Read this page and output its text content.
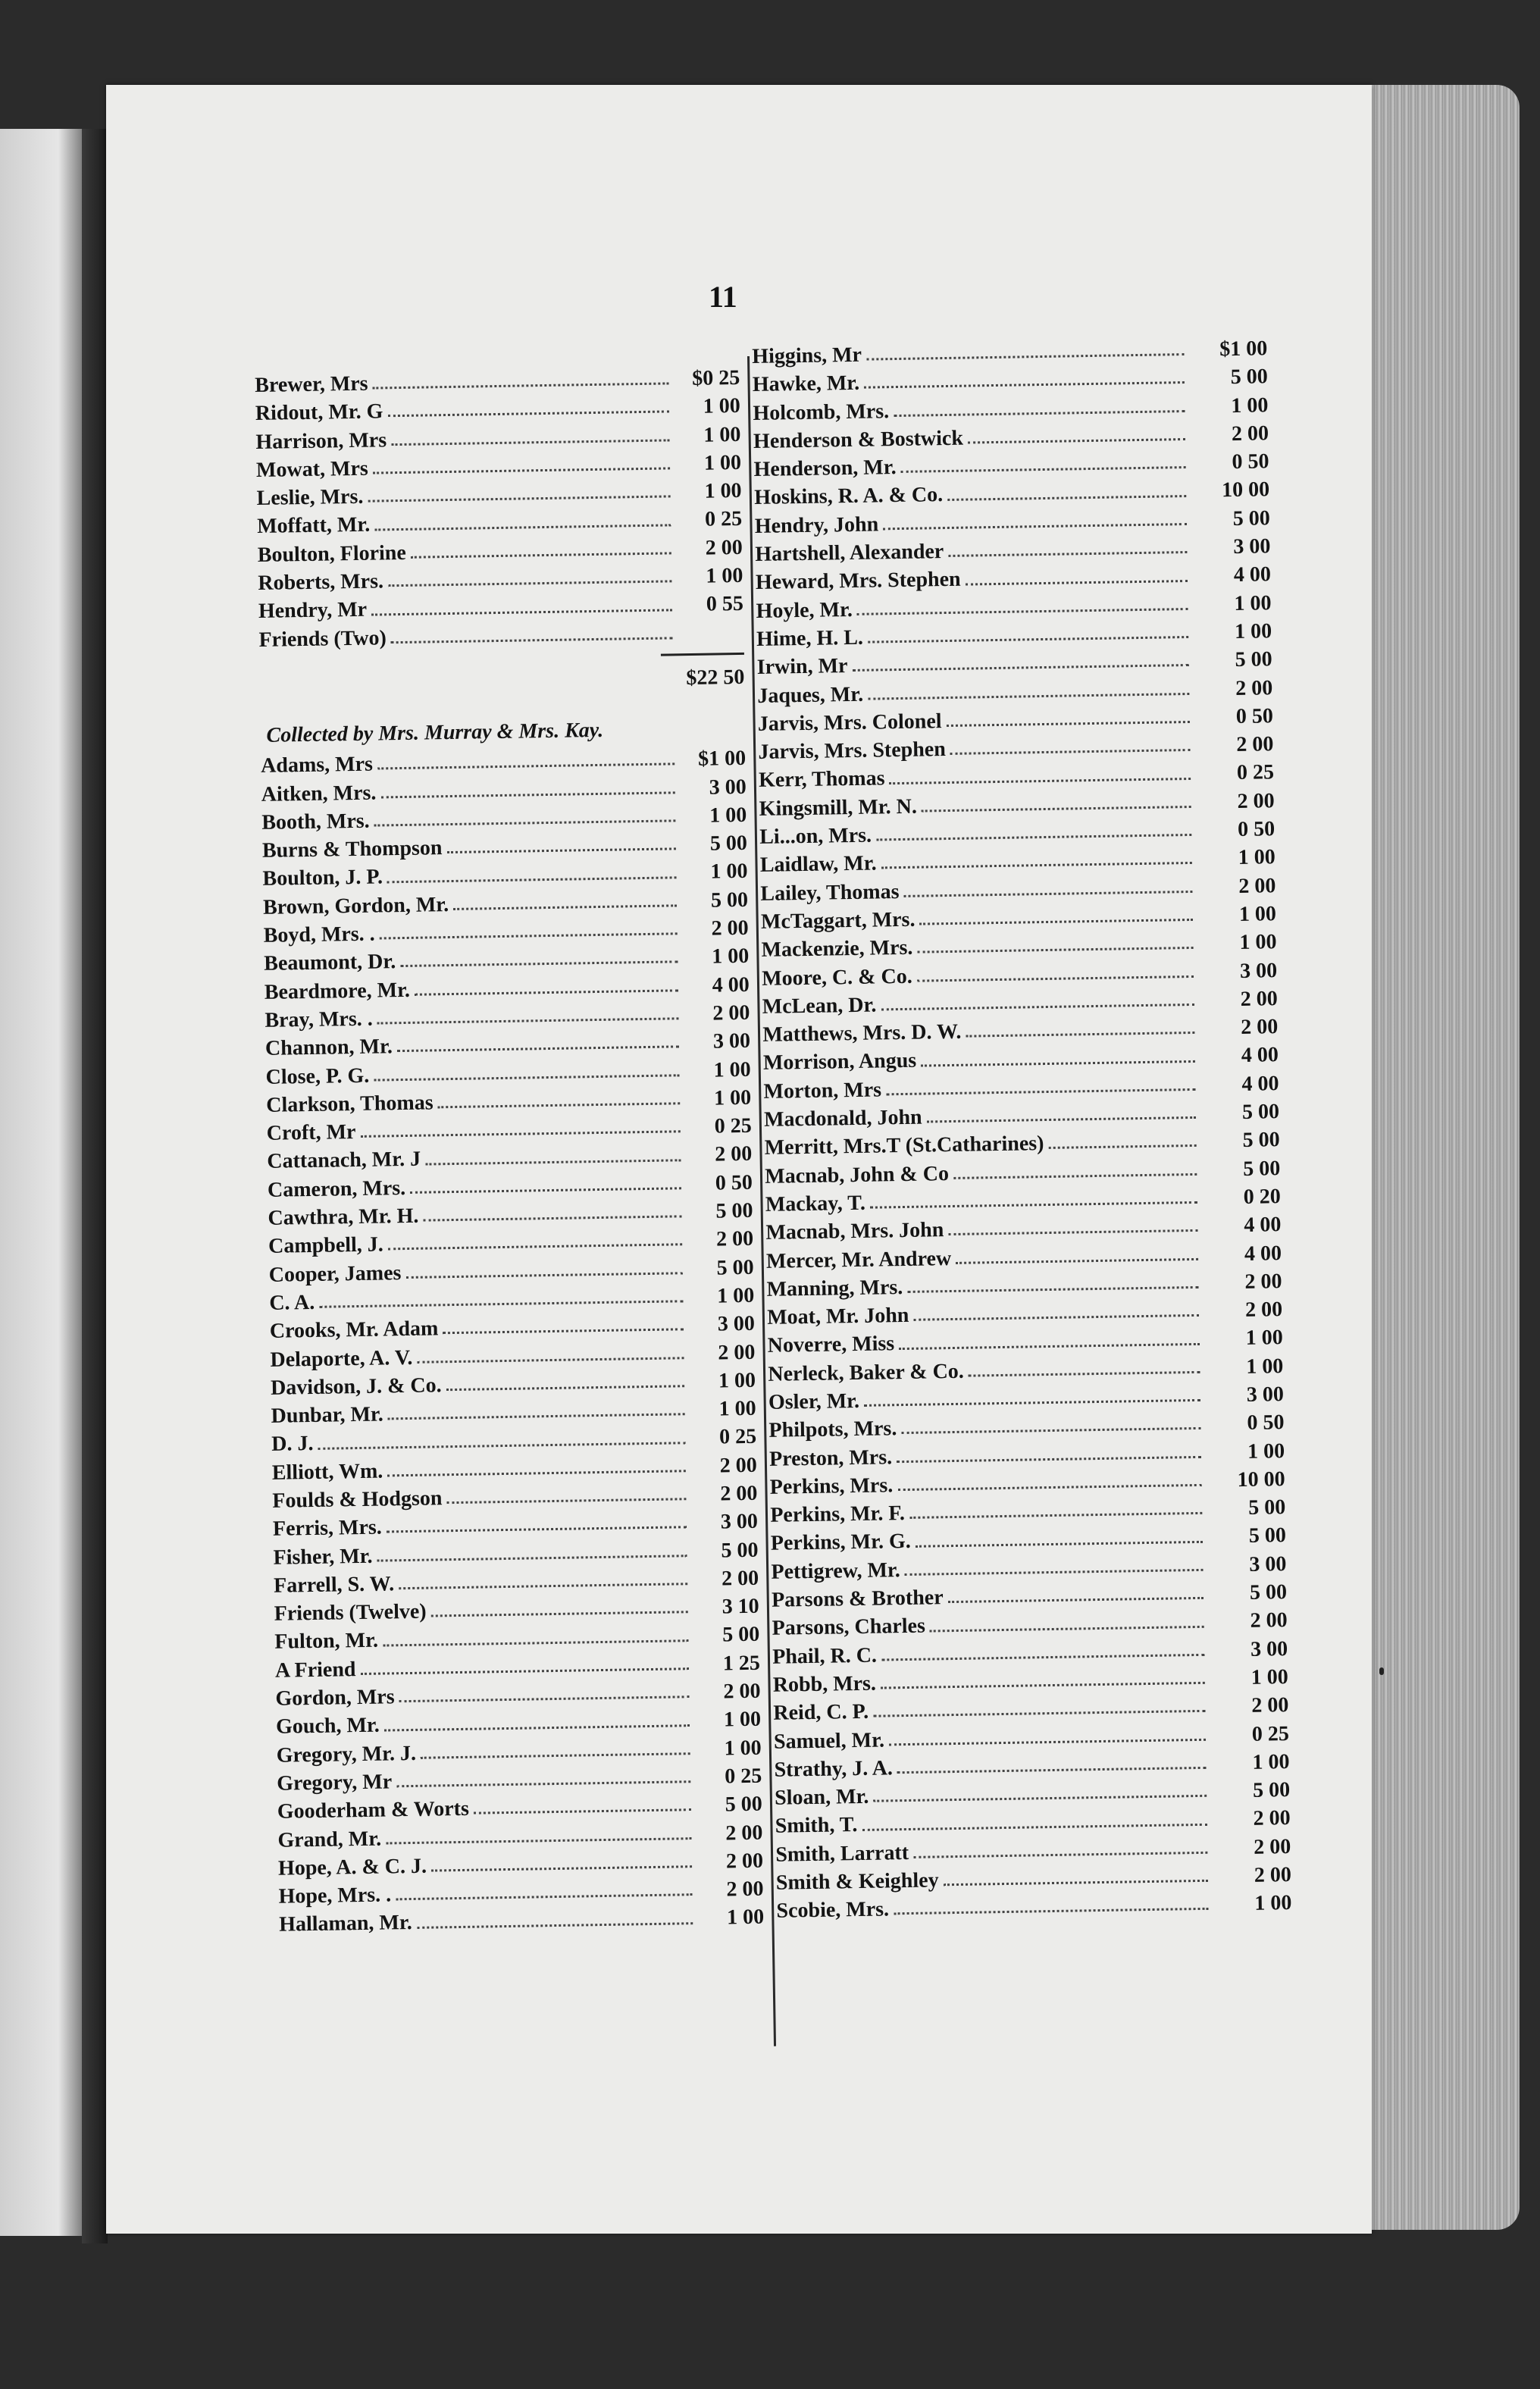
11
Brewer, Mrs	$0 25
Ridout, Mr. G	1 00
Harrison, Mrs	1 00
Mowat, Mrs	1 00
Leslie, Mrs.	1 00
Moffatt, Mr.	0 25
Boulton, Florine	2 00
Roberts, Mrs.	1 00
Hendry, Mr	0 55
Friends (Two)
$22 50
Collected by Mrs. Murray & Mrs. Kay.
Adams, Mrs	$1 00
Aitken, Mrs.	3 00
Booth, Mrs.	1 00
Burns & Thompson	5 00
Boulton, J. P.	1 00
Brown, Gordon, Mr.	5 00
Boyd, Mrs. .	2 00
Beaumont, Dr.	1 00
Beardmore, Mr.	4 00
Bray, Mrs. .	2 00
Channon, Mr.	3 00
Close, P. G.	1 00
Clarkson, Thomas	1 00
Croft, Mr	0 25
Cattanach, Mr. J	2 00
Cameron, Mrs.	0 50
Cawthra, Mr. H.	5 00
Campbell, J.	2 00
Cooper, James	5 00
C. A.	1 00
Crooks, Mr. Adam	3 00
Delaporte, A. V.	2 00
Davidson, J. & Co.	1 00
Dunbar, Mr.	1 00
D. J.	0 25
Elliott, Wm.	2 00
Foulds & Hodgson	2 00
Ferris, Mrs.	3 00
Fisher, Mr.	5 00
Farrell, S. W.	2 00
Friends (Twelve)	3 10
Fulton, Mr.	5 00
A Friend	1 25
Gordon, Mrs	2 00
Gouch, Mr.	1 00
Gregory, Mr. J.	1 00
Gregory, Mr	0 25
Gooderham & Worts	5 00
Grand, Mr.	2 00
Hope, A. & C. J.	2 00
Hope, Mrs. .	2 00
Hallaman, Mr.	1 00
Higgins, Mr	$1 00
Hawke, Mr.	5 00
Holcomb, Mrs.	1 00
Henderson & Bostwick	2 00
Henderson, Mr.	0 50
Hoskins, R. A. & Co.	10 00
Hendry, John	5 00
Hartshell, Alexander	3 00
Heward, Mrs. Stephen	4 00
Hoyle, Mr.	1 00
Hime, H. L.	1 00
Irwin, Mr	5 00
Jaques, Mr.	2 00
Jarvis, Mrs. Colonel	0 50
Jarvis, Mrs. Stephen	2 00
Kerr, Thomas	0 25
Kingsmill, Mr. N.	2 00
Li...on, Mrs.	0 50
Laidlaw, Mr.	1 00
Lailey, Thomas	2 00
McTaggart, Mrs.	1 00
Mackenzie, Mrs.	1 00
Moore, C. & Co.	3 00
McLean, Dr.	2 00
Matthews, Mrs. D. W.	2 00
Morrison, Angus	4 00
Morton, Mrs	4 00
Macdonald, John	5 00
Merritt, Mrs.T (St.Catharines)	5 00
Macnab, John & Co	5 00
Mackay, T.	0 20
Macnab, Mrs. John	4 00
Mercer, Mr. Andrew	4 00
Manning, Mrs.	2 00
Moat, Mr. John	2 00
Noverre, Miss	1 00
Nerleck, Baker & Co.	1 00
Osler, Mr.	3 00
Philpots, Mrs.	0 50
Preston, Mrs.	1 00
Perkins, Mrs.	10 00
Perkins, Mr. F.	5 00
Perkins, Mr. G.	5 00
Pettigrew, Mr.	3 00
Parsons & Brother	5 00
Parsons, Charles	2 00
Phail, R. C.	3 00
Robb, Mrs.	1 00
Reid, C. P.	2 00
Samuel, Mr.	0 25
Strathy, J. A.	1 00
Sloan, Mr.	5 00
Smith, T.	2 00
Smith, Larratt	2 00
Smith & Keighley	2 00
Scobie, Mrs.	1 00
